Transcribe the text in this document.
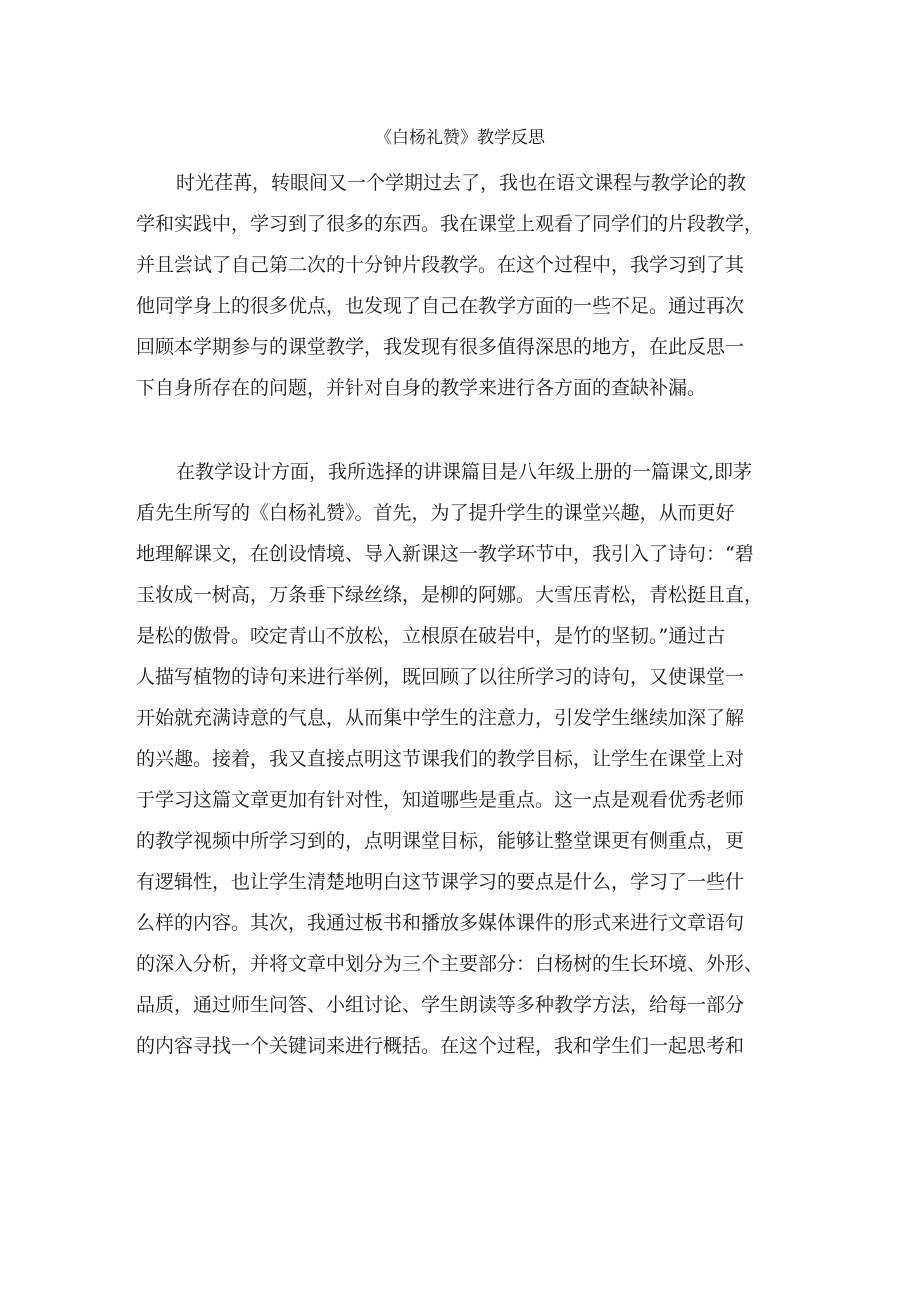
《白杨礼赞》教学反思
时光荏苒，转眼间又一个学期过去了，我也在语文课程与教学论的教
学和实践中，学习到了很多的东西。我在课堂上观看了同学们的片段教学，
并且尝试了自己第二次的十分钟片段教学。在这个过程中，我学习到了其
他同学身上的很多优点，也发现了自己在教学方面的一些不足。通过再次
回顾本学期参与的课堂教学，我发现有很多值得深思的地方，在此反思一
下自身所存在的问题，并针对自身的教学来进行各方面的查缺补漏。
在教学设计方面，我所选择的讲课篇目是八年级上册的一篇课文,即茅
盾先生所写的《白杨礼赞》。首先，为了提升学生的课堂兴趣，从而更好
地理解课文，在创设情境、导入新课这一教学环节中，我引入了诗句：“碧
玉妆成一树高，万条垂下绿丝绦，是柳的阿娜。大雪压青松，青松挺且直，
是松的傲骨。咬定青山不放松，立根原在破岩中，是竹的坚韧。”通过古
人描写植物的诗句来进行举例，既回顾了以往所学习的诗句，又使课堂一
开始就充满诗意的气息，从而集中学生的注意力，引发学生继续加深了解
的兴趣。接着，我又直接点明这节课我们的教学目标，让学生在课堂上对
于学习这篇文章更加有针对性，知道哪些是重点。这一点是观看优秀老师
的教学视频中所学习到的，点明课堂目标，能够让整堂课更有侧重点，更
有逻辑性，也让学生清楚地明白这节课学习的要点是什么，学习了一些什
么样的内容。其次，我通过板书和播放多媒体课件的形式来进行文章语句
的深入分析，并将文章中划分为三个主要部分：白杨树的生长环境、外形、
品质，通过师生问答、小组讨论、学生朗读等多种教学方法，给每一部分
的内容寻找一个关键词来进行概括。在这个过程，我和学生们一起思考和
